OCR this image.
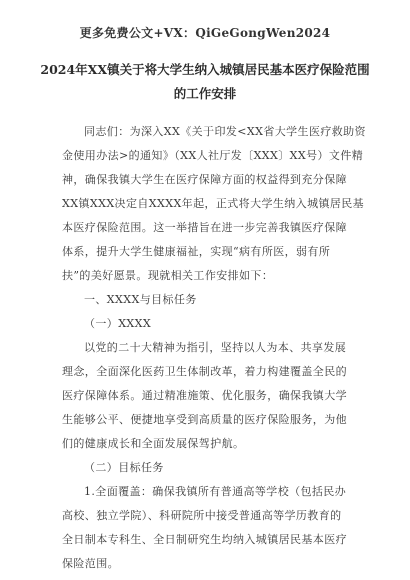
更多免费公文+VX：QiGeGongWen2024
2024年XX镇关于将大学生纳入城镇居民基本医疗保险范围
的工作安排
同志们：为深入XX《关于印发<XX省大学生医疗救助资
金使用办法>的通知》（XX人社厅发〔XXX〕XX号）文件精
神，确保我镇大学生在医疗保障方面的权益得到充分保障
XX镇XXX决定自XXXX年起，正式将大学生纳入城镇居民基
本医疗保险范围。这一举措旨在进一步完善我镇医疗保障
体系，提升大学生健康福祉，实现“病有所医，弱有所
扶”的美好愿景。现就相关工作安排如下：
一、XXXX与目标任务
（一）XXXX
以党的二十大精神为指引，坚持以人为本、共享发展
理念，全面深化医药卫生体制改革，着力构建覆盖全民的
医疗保障体系。通过精准施策、优化服务，确保我镇大学
生能够公平、便捷地享受到高质量的医疗保险服务，为他
们的健康成长和全面发展保驾护航。
（二）目标任务
1.全面覆盖：确保我镇所有普通高等学校（包括民办
高校、独立学院）、科研院所中接受普通高等学历教育的
全日制本专科生、全日制研究生均纳入城镇居民基本医疗
保险范围。
